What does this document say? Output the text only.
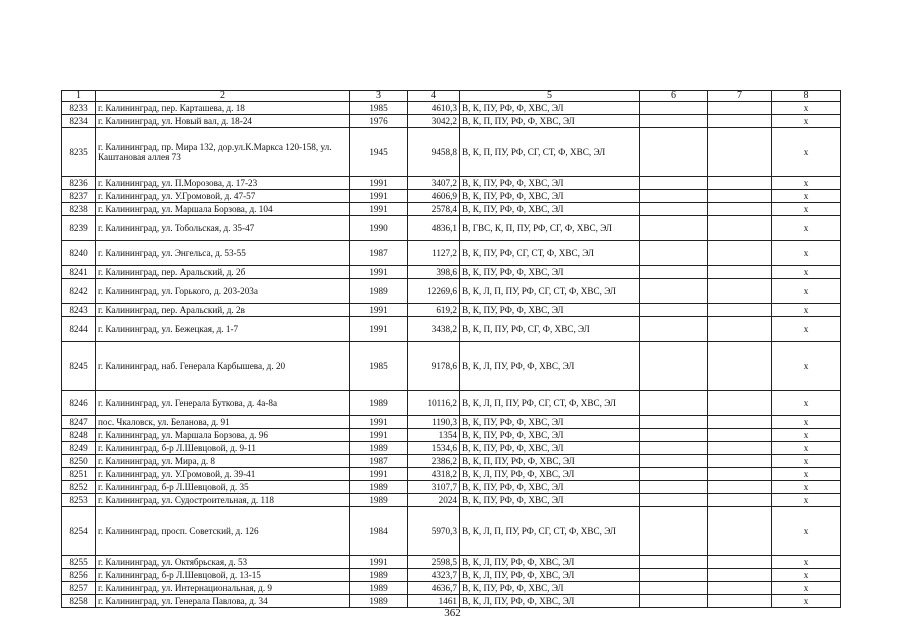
1	2	3	4	5	6	7	8
8233	г. Калининград, пер. Карташева, д. 18	1985	4610,3	В, К, ПУ, РФ, Ф, ХВС, ЭЛ			x
8234	г. Калининград, ул. Новый вал, д. 18-24	1976	3042,2	В, К, П, ПУ, РФ, Ф, ХВС, ЭЛ			x
8235	г. Калининград, пр. Мира 132, дор.ул.К.Маркса 120-158, ул. Каштановая аллея 73	1945	9458,8	В, К, П, ПУ, РФ, СГ, СТ, Ф, ХВС, ЭЛ			x
8236	г. Калининград, ул. П.Морозова, д. 17-23	1991	3407,2	В, К, ПУ, РФ, Ф, ХВС, ЭЛ			x
8237	г. Калининград, ул. У.Громовой, д. 47-57	1991	4606,9	В, К, ПУ, РФ, Ф, ХВС, ЭЛ			x
8238	г. Калининград, ул. Маршала Борзова, д. 104	1991	2578,4	В, К, ПУ, РФ, Ф, ХВС, ЭЛ			x
8239	г. Калининград, ул. Тобольская, д. 35-47	1990	4836,1	В, ГВС, К, П, ПУ, РФ, СГ, Ф, ХВС, ЭЛ			x
8240	г. Калининград, ул. Энгельса, д. 53-55	1987	1127,2	В, К, ПУ, РФ, СГ, СТ, Ф, ХВС, ЭЛ			x
8241	г. Калининград, пер. Аральский, д. 2б	1991	398,6	В, К, ПУ, РФ, Ф, ХВС, ЭЛ			x
8242	г. Калининград, ул. Горького, д. 203-203а	1989	12269,6	В, К, Л, П, ПУ, РФ, СГ, СТ, Ф, ХВС, ЭЛ			x
8243	г. Калининград, пер. Аральский, д. 2в	1991	619,2	В, К, ПУ, РФ, Ф, ХВС, ЭЛ			x
8244	г. Калининград, ул. Бежецкая, д. 1-7	1991	3438,2	В, К, П, ПУ, РФ, СГ, Ф, ХВС, ЭЛ			x
8245	г. Калининград, наб. Генерала Карбышева, д. 20	1985	9178,6	В, К, Л, ПУ, РФ, Ф, ХВС, ЭЛ			x
8246	г. Калининград, ул. Генерала Буткова, д. 4а-8а	1989	10116,2	В, К, Л, П, ПУ, РФ, СГ, СТ, Ф, ХВС, ЭЛ			x
8247	пос. Чкаловск, ул. Беланова, д. 91	1991	1190,3	В, К, ПУ, РФ, Ф, ХВС, ЭЛ			x
8248	г. Калининград, ул. Маршала Борзова, д. 96	1991	1354	В, К, ПУ, РФ, Ф, ХВС, ЭЛ			x
8249	г. Калининград, б-р Л.Шевцовой, д. 9-11	1989	1534,6	В, К, ПУ, РФ, Ф, ХВС, ЭЛ			x
8250	г. Калининград, ул. Мира, д. 8	1987	2386,2	В, К, П, ПУ, РФ, Ф, ХВС, ЭЛ			x
8251	г. Калининград, ул. У.Громовой, д. 39-41	1991	4318,2	В, К, Л, ПУ, РФ, Ф, ХВС, ЭЛ			x
8252	г. Калининград, б-р Л.Шевцовой, д. 35	1989	3107,7	В, К, ПУ, РФ, Ф, ХВС, ЭЛ			x
8253	г. Калининград, ул. Судостроительная, д. 118	1989	2024	В, К, ПУ, РФ, Ф, ХВС, ЭЛ			x
8254	г. Калининград, просп. Советский, д. 126	1984	5970,3	В, К, Л, П, ПУ, РФ, СГ, СТ, Ф, ХВС, ЭЛ			x
8255	г. Калининград, ул. Октябрьская, д. 53	1991	2598,5	В, К, Л, ПУ, РФ, Ф, ХВС, ЭЛ			x
8256	г. Калининград, б-р Л.Шевцовой, д. 13-15	1989	4323,7	В, К, Л, ПУ, РФ, Ф, ХВС, ЭЛ			x
8257	г. Калининград, ул. Интернациональная, д. 9	1989	4636,7	В, К, ПУ, РФ, Ф, ХВС, ЭЛ			x
8258	г. Калининград, ул. Генерала Павлова, д. 34	1989	1461	В, К, Л, ПУ, РФ, Ф, ХВС, ЭЛ			x
362
